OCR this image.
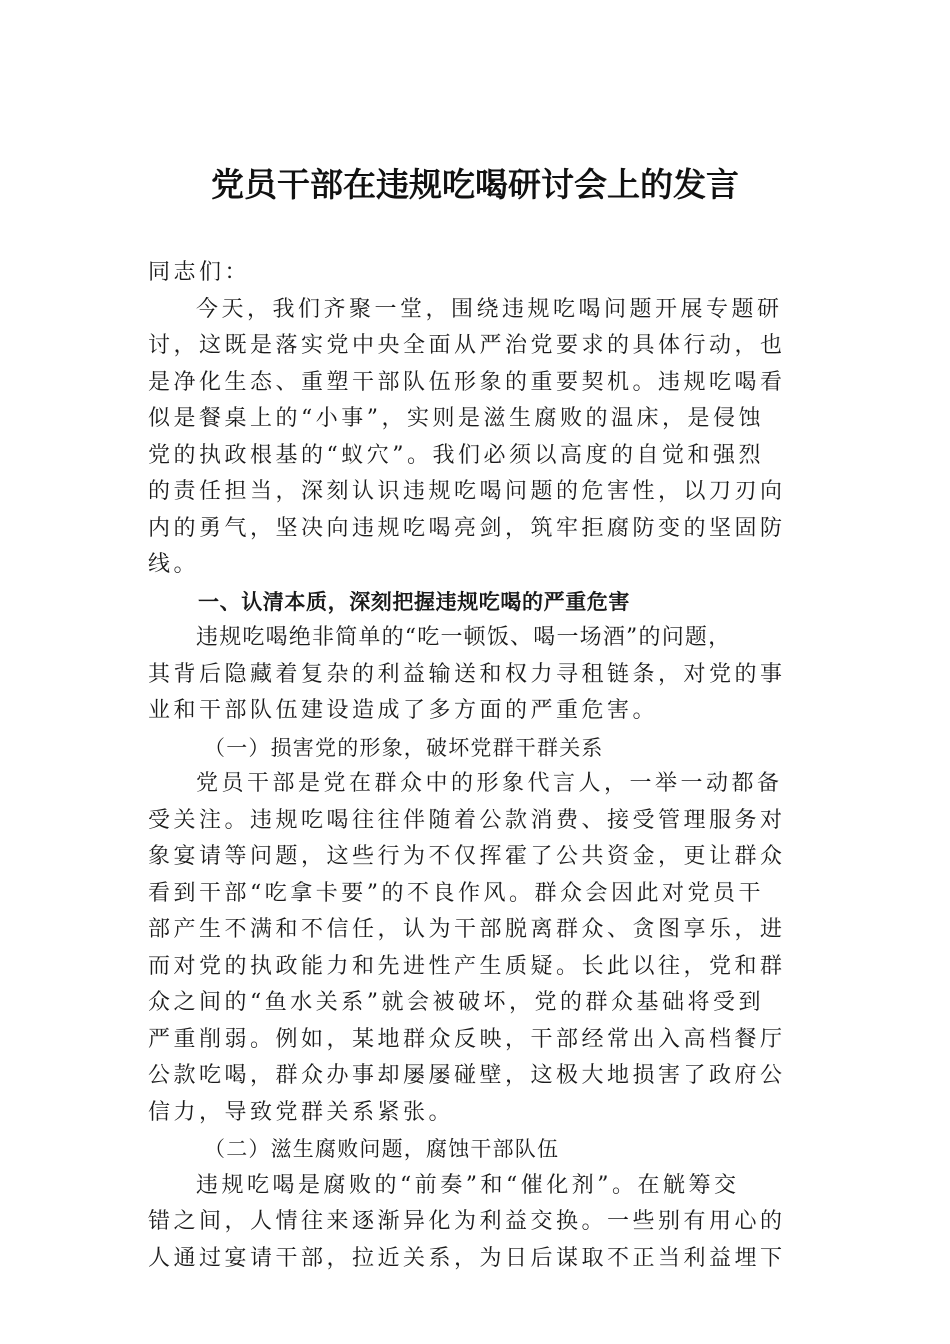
党员干部在违规吃喝研讨会上的发言
同志们：
今天，我们齐聚一堂，围绕违规吃喝问题开展专题研
讨，这既是落实党中央全面从严治党要求的具体行动，也
是净化生态、重塑干部队伍形象的重要契机。违规吃喝看
似是餐桌上的“小事”，实则是滋生腐败的温床，是侵蚀
党的执政根基的“蚁穴”。我们必须以高度的自觉和强烈
的责任担当，深刻认识违规吃喝问题的危害性，以刀刃向
内的勇气，坚决向违规吃喝亮剑，筑牢拒腐防变的坚固防
线。
一、认清本质，深刻把握违规吃喝的严重危害
违规吃喝绝非简单的“吃一顿饭、喝一场酒”的问题，
其背后隐藏着复杂的利益输送和权力寻租链条，对党的事
业和干部队伍建设造成了多方面的严重危害。
（一）损害党的形象，破坏党群干群关系
党员干部是党在群众中的形象代言人，一举一动都备
受关注。违规吃喝往往伴随着公款消费、接受管理服务对
象宴请等问题，这些行为不仅挥霍了公共资金，更让群众
看到干部“吃拿卡要”的不良作风。群众会因此对党员干
部产生不满和不信任，认为干部脱离群众、贪图享乐，进
而对党的执政能力和先进性产生质疑。长此以往，党和群
众之间的“鱼水关系”就会被破坏，党的群众基础将受到
严重削弱。例如，某地群众反映，干部经常出入高档餐厅
公款吃喝，群众办事却屡屡碰壁，这极大地损害了政府公
信力，导致党群关系紧张。
（二）滋生腐败问题，腐蚀干部队伍
违规吃喝是腐败的“前奏”和“催化剂”。在觥筹交
错之间，人情往来逐渐异化为利益交换。一些别有用心的
人通过宴请干部，拉近关系，为日后谋取不正当利益埋下
